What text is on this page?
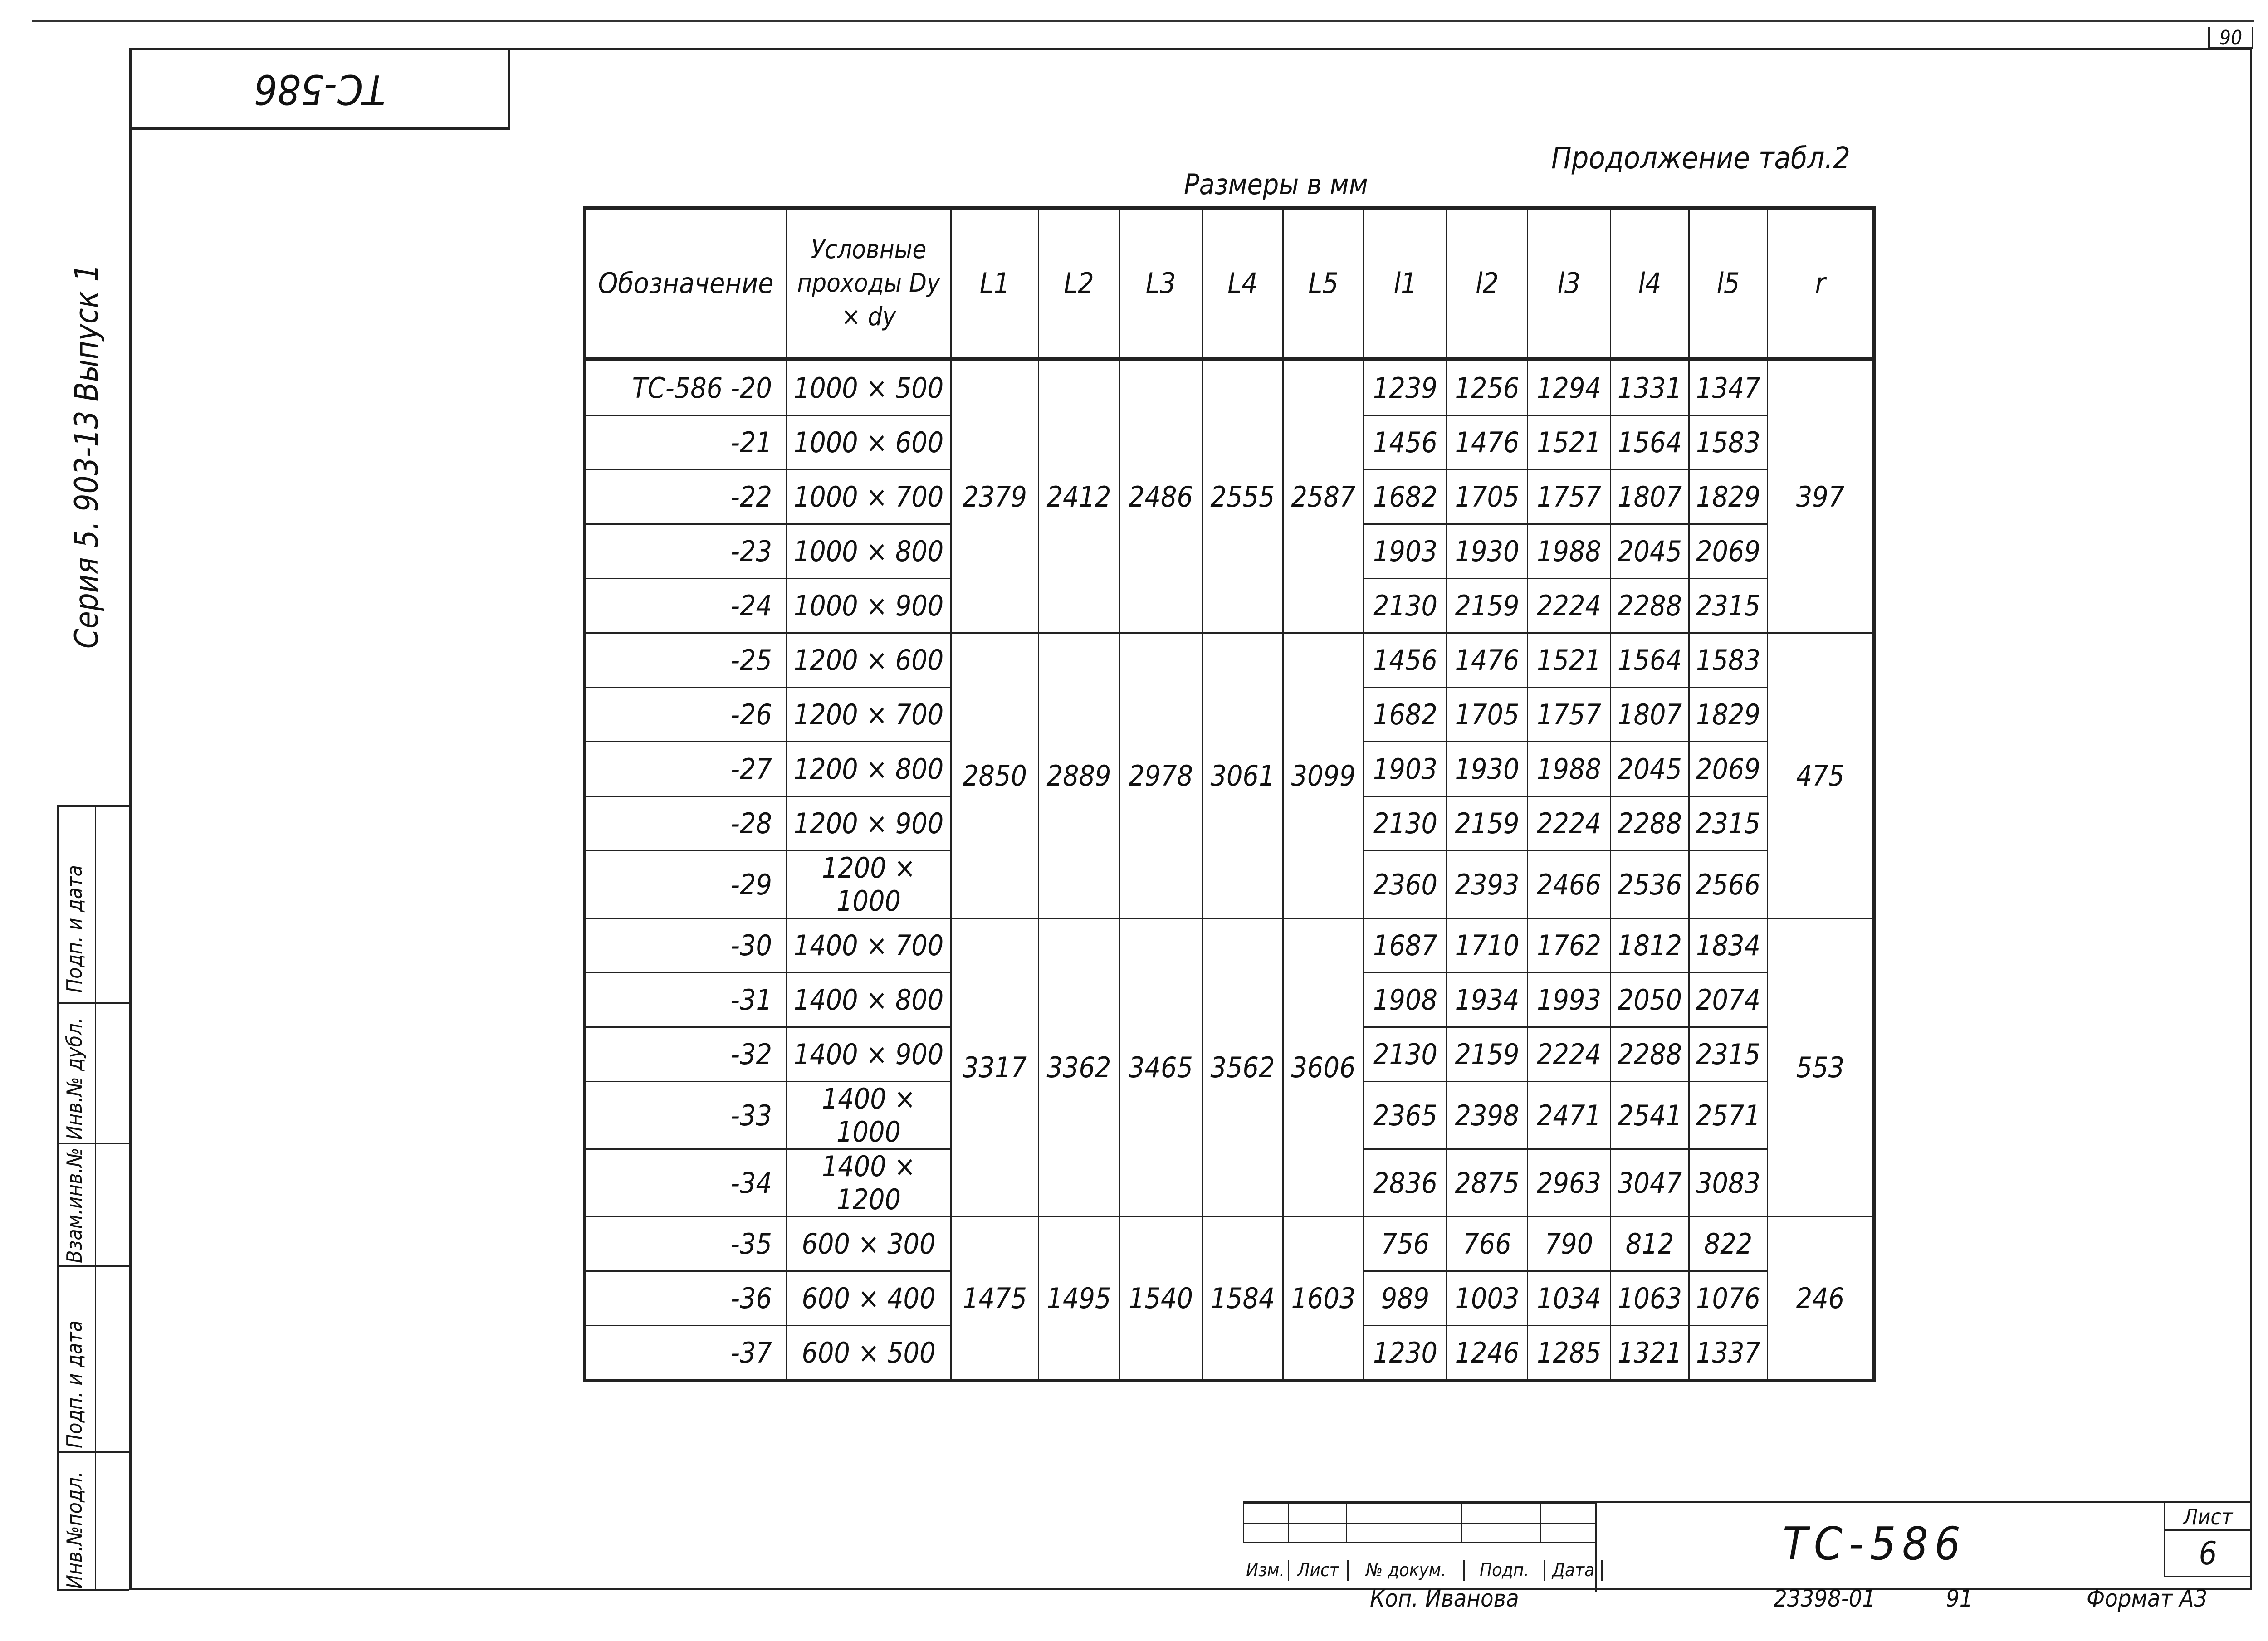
90
ТС-586
Серия 5. 903-13 Выпуск 1
Инв.№подл.
Подп. и дата
Взам.инв.№
Инв.№ дубл.
Подп. и дата
Продолжение табл.2
Размеры в мм
Обозначение	Условные проходы Dy × dy	L1	L2	L3	L4	L5	l1	l2	l3	l4	l5	r
ТС-586 -20	1000 × 500	2379	2412	2486	2555	2587	1239	1256	1294	1331	1347	397
-21	1000 × 600						1456	1476	1521	1564	1583	
-22	1000 × 700						1682	1705	1757	1807	1829	
-23	1000 × 800						1903	1930	1988	2045	2069	
-24	1000 × 900						2130	2159	2224	2288	2315	
-25	1200 × 600	2850	2889	2978	3061	3099	1456	1476	1521	1564	1583	475
-26	1200 × 700						1682	1705	1757	1807	1829	
-27	1200 × 800						1903	1930	1988	2045	2069	
-28	1200 × 900						2130	2159	2224	2288	2315	
-29	1200 × 1000						2360	2393	2466	2536	2566	
-30	1400 × 700	3317	3362	3465	3562	3606	1687	1710	1762	1812	1834	553
-31	1400 × 800						1908	1934	1993	2050	2074	
-32	1400 × 900						2130	2159	2224	2288	2315	
-33	1400 × 1000						2365	2398	2471	2541	2571	
-34	1400 × 1200						2836	2875	2963	3047	3083	
-35	600 × 300	1475	1495	1540	1584	1603	756	766	790	812	822	246
-36	600 × 400						989	1003	1034	1063	1076	
-37	600 × 500						1230	1246	1285	1321	1337	

Изм. Лист	№ докум.	Подп.	Дата	ТС-586	Лист
6
Коп. Иванова	23398-01	91	Формат А3
